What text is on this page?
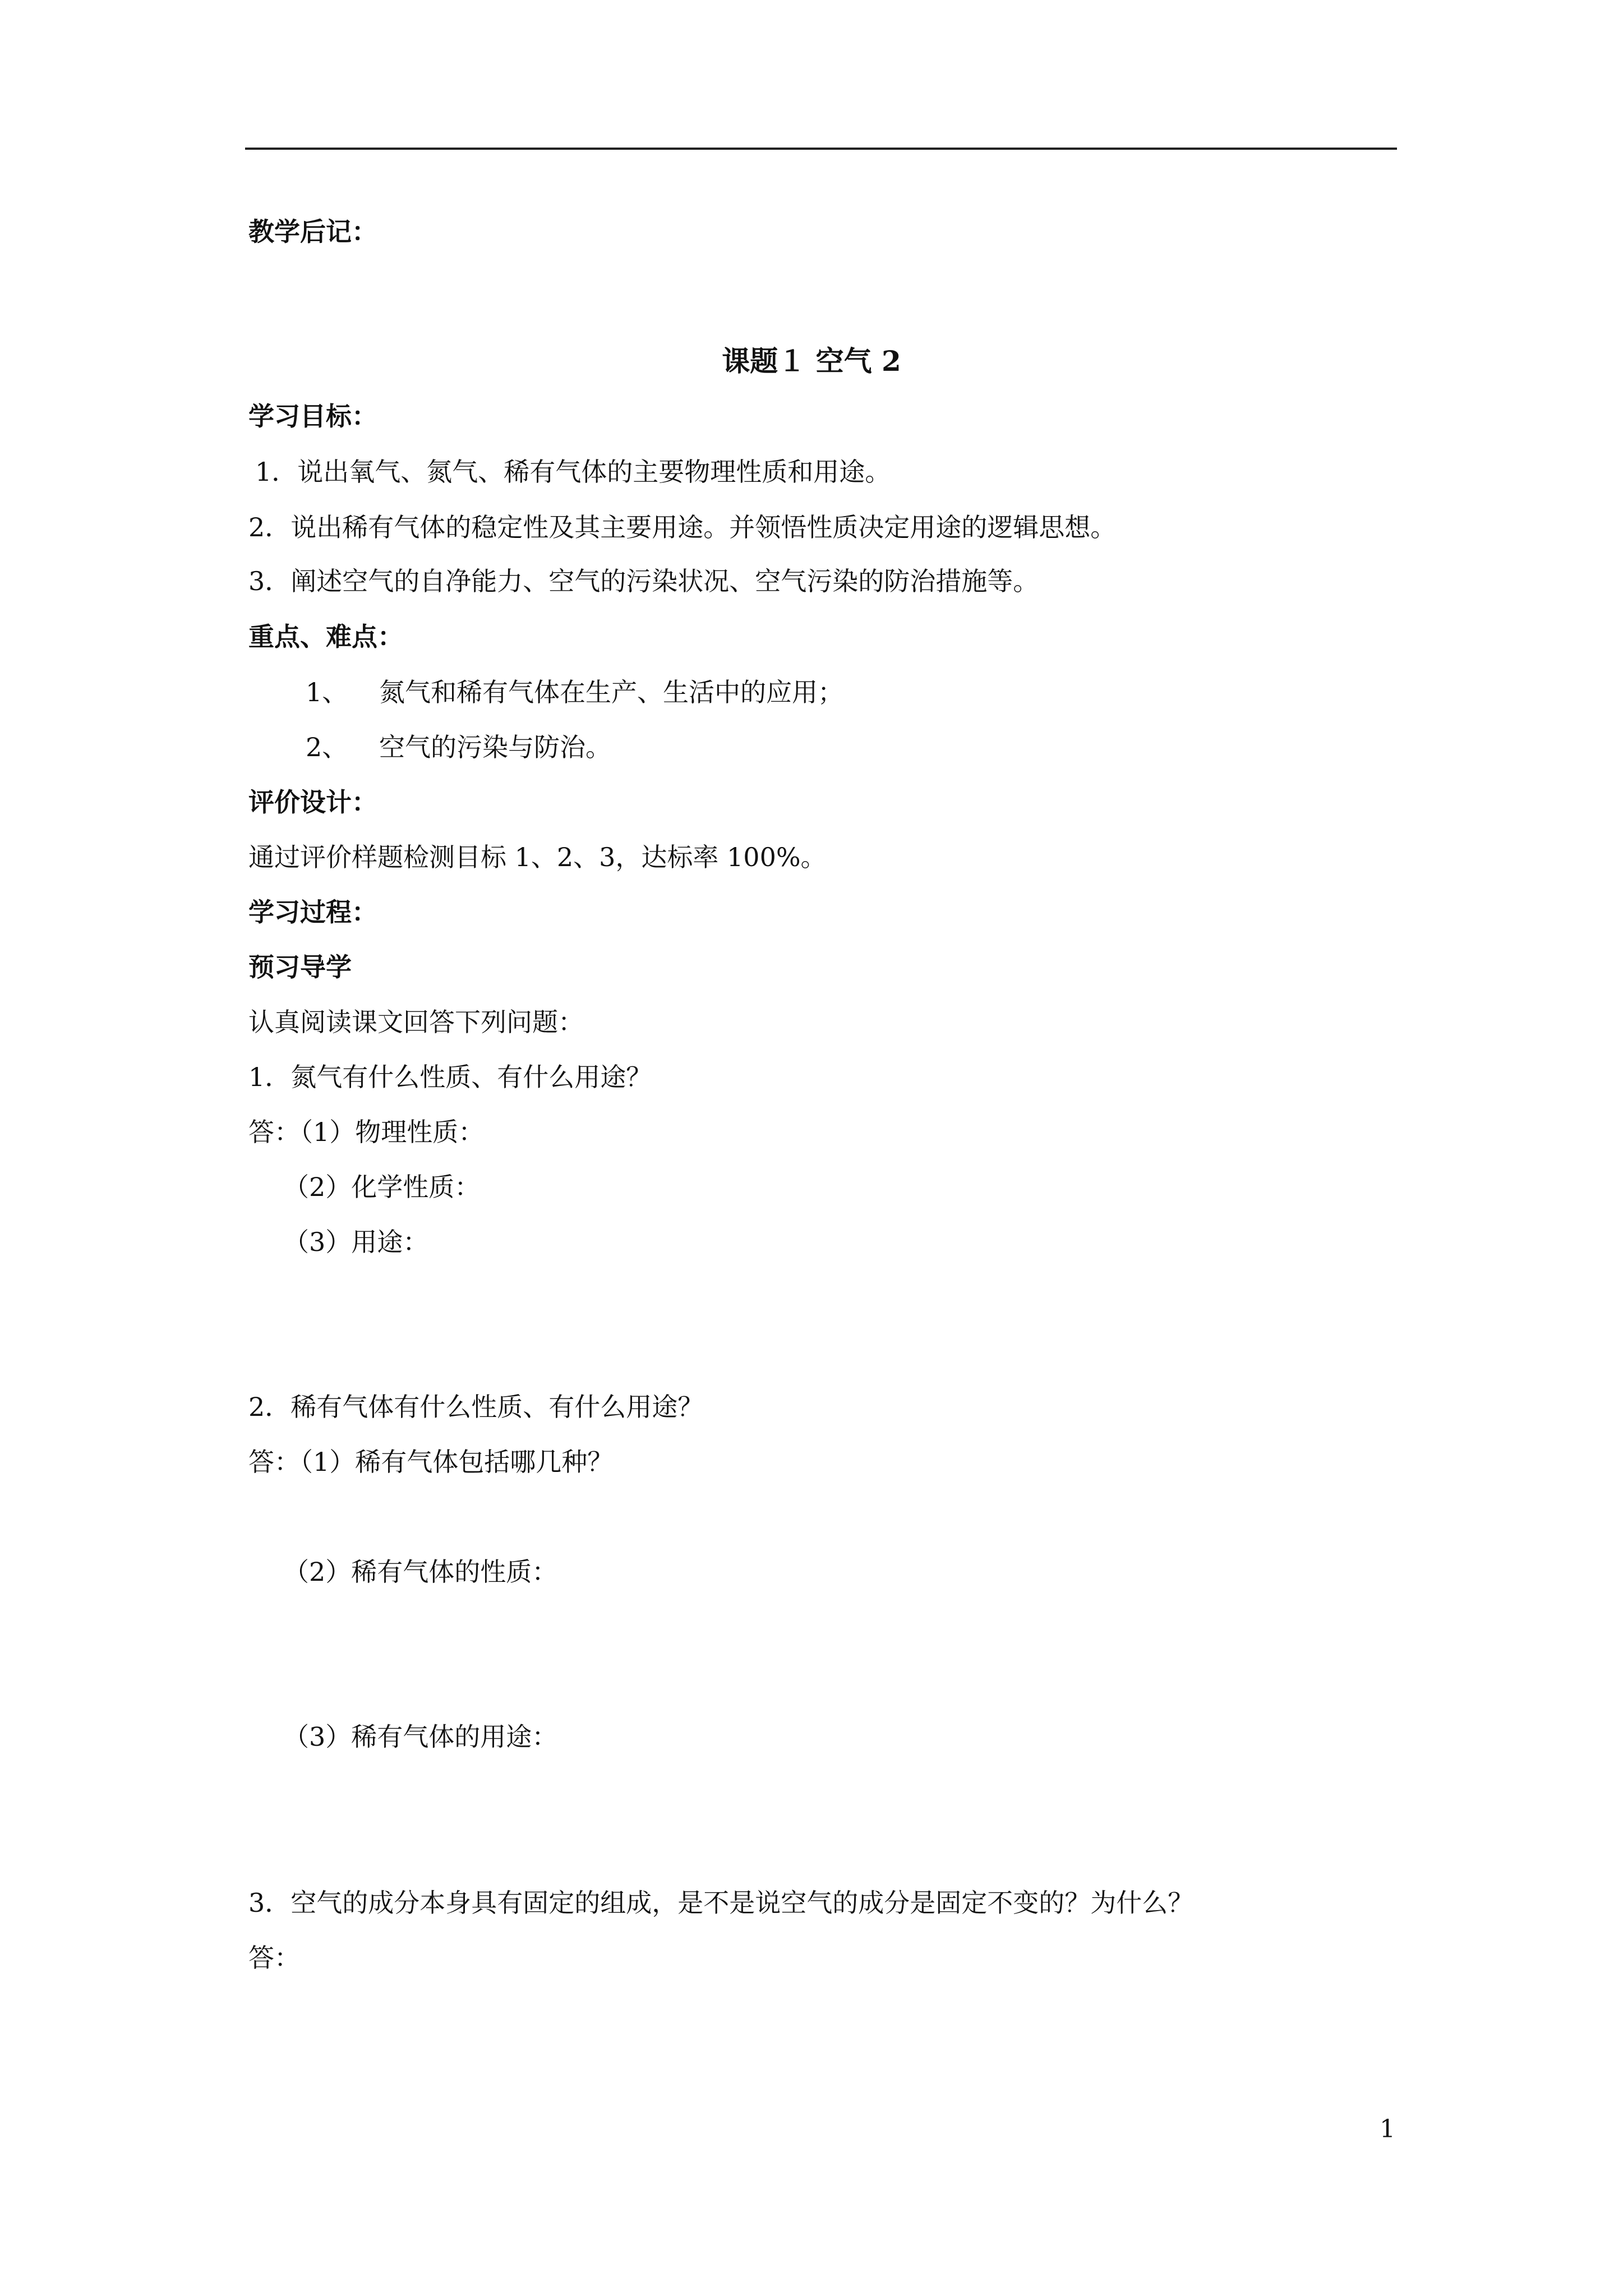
教学后记：
课题１ 空气 2
学习目标：
1．说出氧气、氮气、稀有气体的主要物理性质和用途。
2．说出稀有气体的稳定性及其主要用途。并领悟性质决定用途的逻辑思想。
3．阐述空气的自净能力、空气的污染状况、空气污染的防治措施等。
重点、难点：
1、 氮气和稀有气体在生产、生活中的应用；
2、 空气的污染与防治。
评价设计：
通过评价样题检测目标 1、2、3，达标率 100%。
学习过程：
预习导学
认真阅读课文回答下列问题：
1．氮气有什么性质、有什么用途？
答：（1）物理性质：
（2）化学性质：
（3）用途：
2．稀有气体有什么性质、有什么用途？
答：（1）稀有气体包括哪几种？
（2）稀有气体的性质：
（3）稀有气体的用途：
3．空气的成分本身具有固定的组成，是不是说空气的成分是固定不变的？为什么？
答：
1
